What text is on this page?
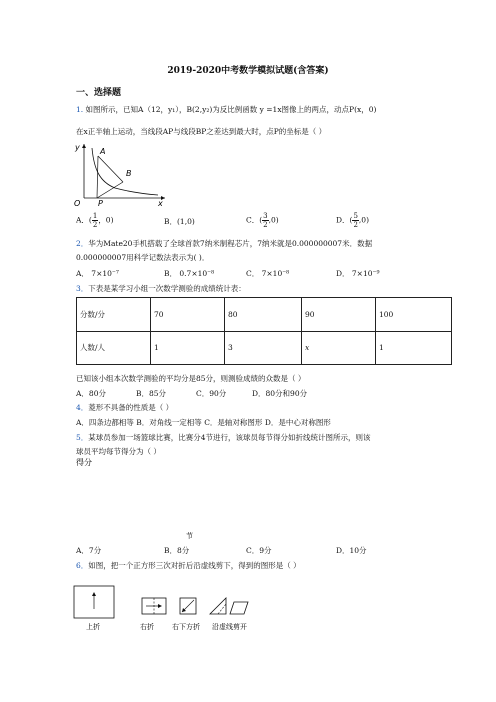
2019-2020中考数学模拟试题(含答案)
一、选择题
1. 如图所示，已知A（12，y₁），B(2,y₂)为反比例函数 y =1x图像上的两点，动点P(x，0)
在x正半轴上运动，当线段AP与线段BP之差达到最大时，点P的坐标是（ ）
y	A
B
O P	x
A．( $\frac{1}{2}$ ，0)	B．(1,0)	C．( $\frac{3}{2} ,0$)	D．( $\frac{5}{2} ,0$)
2．华为Mate20手机搭载了全球首款7纳米制程芯片，7纳米就是0.000000007米．数据
0.000000007用科学记数法表示为( )．
A． 7×10⁻⁷	B． 0.7×10⁻⁸	C． 7×10⁻⁸	D． 7×10⁻⁹
3．下表是某学习小组一次数学测验的成绩统计表：
分数/分	70	80	90	100
人数/人	1	3	x	1
已知该小组本次数学测验的平均分是85分，则测验成绩的众数是（ ）
A．80分	B．85分	C．90分	D．80分和90分
4．菱形不具备的性质是（ ）
A．四条边都相等 B．对角线一定相等 C．是轴对称图形 D．是中心对称图形
5．某球员参加一场篮球比赛，比赛分4节进行，该球员每节得分如折线统计图所示，则该
球员平均每节得分为（ ）
得分
节
A．7分	B．8分	C．9分	D．10分
6．如图，把一个正方形三次对折后沿虚线剪下，得到的图形是（ ）
上折	右折	右下方折 沿虚线剪开
